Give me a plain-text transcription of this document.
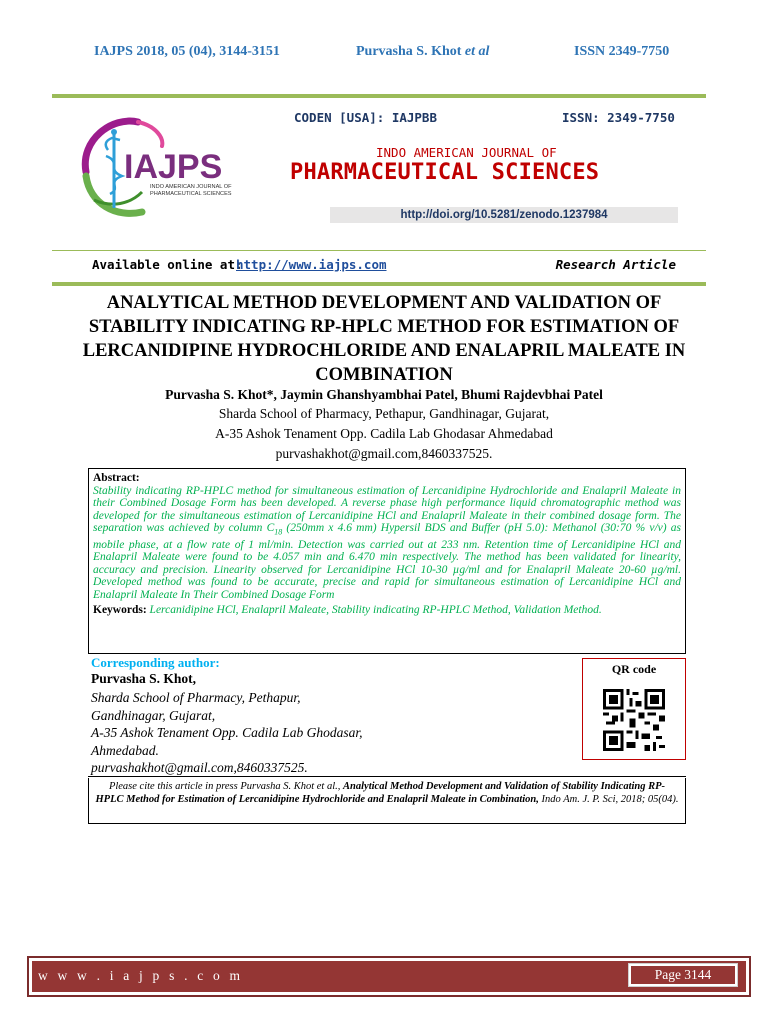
IAJPS 2018, 05 (04), 3144-3151	Purvasha S. Khot et al	ISSN 2349-7750
IAJPS
INDO AMERICAN JOURNAL OF
PHARMACEUTICAL SCIENCES
CODEN [USA]: IAJPBB	ISSN: 2349-7750
INDO AMERICAN JOURNAL OF
PHARMACEUTICAL SCIENCES
http://doi.org/10.5281/zenodo.1237984
Available online at:
http://www.iajps.com	Research Article
ANALYTICAL METHOD DEVELOPMENT AND VALIDATION OF STABILITY INDICATING RP-HPLC METHOD FOR ESTIMATION OF LERCANIDIPINE HYDROCHLORIDE AND ENALAPRIL MALEATE IN COMBINATION
Purvasha S. Khot*, Jaymin Ghanshyambhai Patel, Bhumi Rajdevbhai Patel
Sharda School of Pharmacy, Pethapur, Gandhinagar, Gujarat,
A-35 Ashok Tenament Opp. Cadila Lab Ghodasar Ahmedabad
purvashakhot@gmail.com,8460337525.
Abstract:
Stability indicating RP-HPLC method for simultaneous estimation of Lercanidipine Hydrochloride and Enalapril Maleate in their Combined Dosage Form has been developed. A reverse phase high performance liquid chromatographic method was developed for the simultaneous estimation of Lercanidipine HCl and Enalapril Maleate in their combined dosage form. The separation was achieved by column $C_{18}$ (250mm x 4.6 mm) Hypersil BDS and Buffer (pH 5.0): Methanol (30:70 % v/v) as mobile phase, at a flow rate of 1 ml/min. Detection was carried out at 233 nm. Retention time of Lercanidipine HCl and Enalapril Maleate were found to be 4.057 min and 6.470 min respectively. The method has been validated for linearity, accuracy and precision. Linearity observed for Lercanidipine HCl 10-30 µg/ml and for Enalapril Maleate 20-60 µg/ml. Developed method was found to be accurate, precise and rapid for simultaneous estimation of Lercanidipine HCl and Enalapril Maleate In Their Combined Dosage Form
Keywords: Lercanidipine HCl, Enalapril Maleate, Stability indicating RP-HPLC Method, Validation Method.
Corresponding author:
Purvasha S. Khot,
Sharda School of Pharmacy, Pethapur,
Gandhinagar, Gujarat,
A-35 Ashok Tenament Opp. Cadila Lab Ghodasar,
Ahmedabad.
purvashakhot@gmail.com,8460337525.
QR code
Please cite this article in press Purvasha S. Khot et al., Analytical Method Development and Validation of Stability Indicating RP-HPLC Method for Estimation of Lercanidipine Hydrochloride and Enalapril Maleate in Combination, Indo Am. J. P. Sci, 2018; 05(04).
w w w . i a j p s . c o m	Page 3144
